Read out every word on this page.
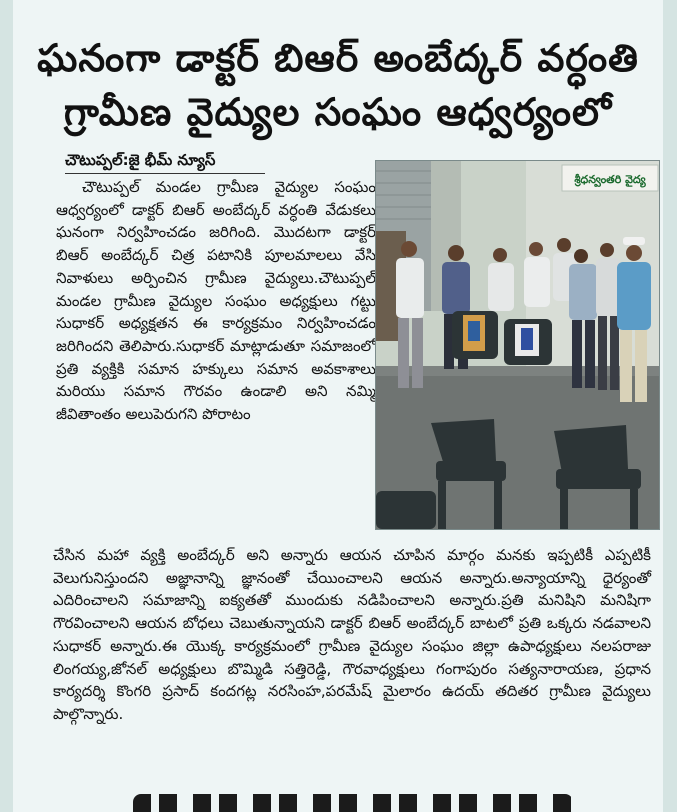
ఘనంగా డాక్టర్ బిఆర్ అంబేద్కర్ వర్ధంతి
గ్రామీణ వైద్యుల సంఘం ఆధ్వర్యంలో
చౌటుప్పల్:జై భీమ్ న్యూస్
చౌటుప్పల్ మండల గ్రామీణ వైద్యుల సంఘం ఆధ్వర్యంలో డాక్టర్ బిఆర్ అంబేద్కర్ వర్ధంతి వేడుకలు ఘనంగా నిర్వహించడం జరిగింది. మొదటగా డాక్టర్ బిఆర్ అంబేద్కర్ చిత్ర పటానికి పూలమాలలు వేసి నివాళులు అర్పించిన గ్రామీణ వైద్యులు.చౌటుప్పల్ మండల గ్రామీణ వైద్యుల సంఘం అధ్యక్షులు గట్టు సుధాకర్ అధ్యక్షతన ఈ కార్యక్రమం నిర్వహించడం జరిగిందని తెలిపారు.సుధాకర్ మాట్లాడుతూ సమాజంలో ప్రతి వ్యక్తికి సమాన హక్కులు సమాన అవకాశాలు మరియు సమాన గౌరవం ఉండాలి అని నమ్మి జీవితాంతం అలుపెరుగని పోరాటం
శ్రీధన్వంతరి వైద్య
చేసిన మహా వ్యక్తి అంబేద్కర్ అని అన్నారు ఆయన చూపిన మార్గం మనకు ఇప్పటికీ ఎప్పటికీ వెలుగునిస్తుందని అజ్ఞానాన్ని జ్ఞానంతో చేయించాలని ఆయన అన్నారు.అన్యాయాన్ని ధైర్యంతో ఎదిరించాలని సమాజాన్ని ఐక్యతతో ముందుకు నడిపించాలని అన్నారు.ప్రతి మనిషిని మనిషిగా గౌరవించాలని ఆయన బోధలు చెబుతున్నాయని డాక్టర్ బిఆర్ అంబేద్కర్ బాటలో ప్రతి ఒక్కరు నడవాలని సుధాకర్ అన్నారు.ఈ యొక్క కార్యక్రమంలో గ్రామీణ వైద్యుల సంఘం జిల్లా ఉపాధ్యక్షులు నలపరాజు లింగయ్య,జోనల్ అధ్యక్షులు బొమ్మిడి సత్తిరెడ్డి, గౌరవాధ్యక్షులు గంగాపురం సత్యనారాయణ, ప్రధాన కార్యదర్శి కొంగరి ప్రసాద్ కందగట్ల నరసింహ,పరమేష్ మైలారం ఉదయ్ తదితర గ్రామీణ వైద్యులు పాల్గొన్నారు.
